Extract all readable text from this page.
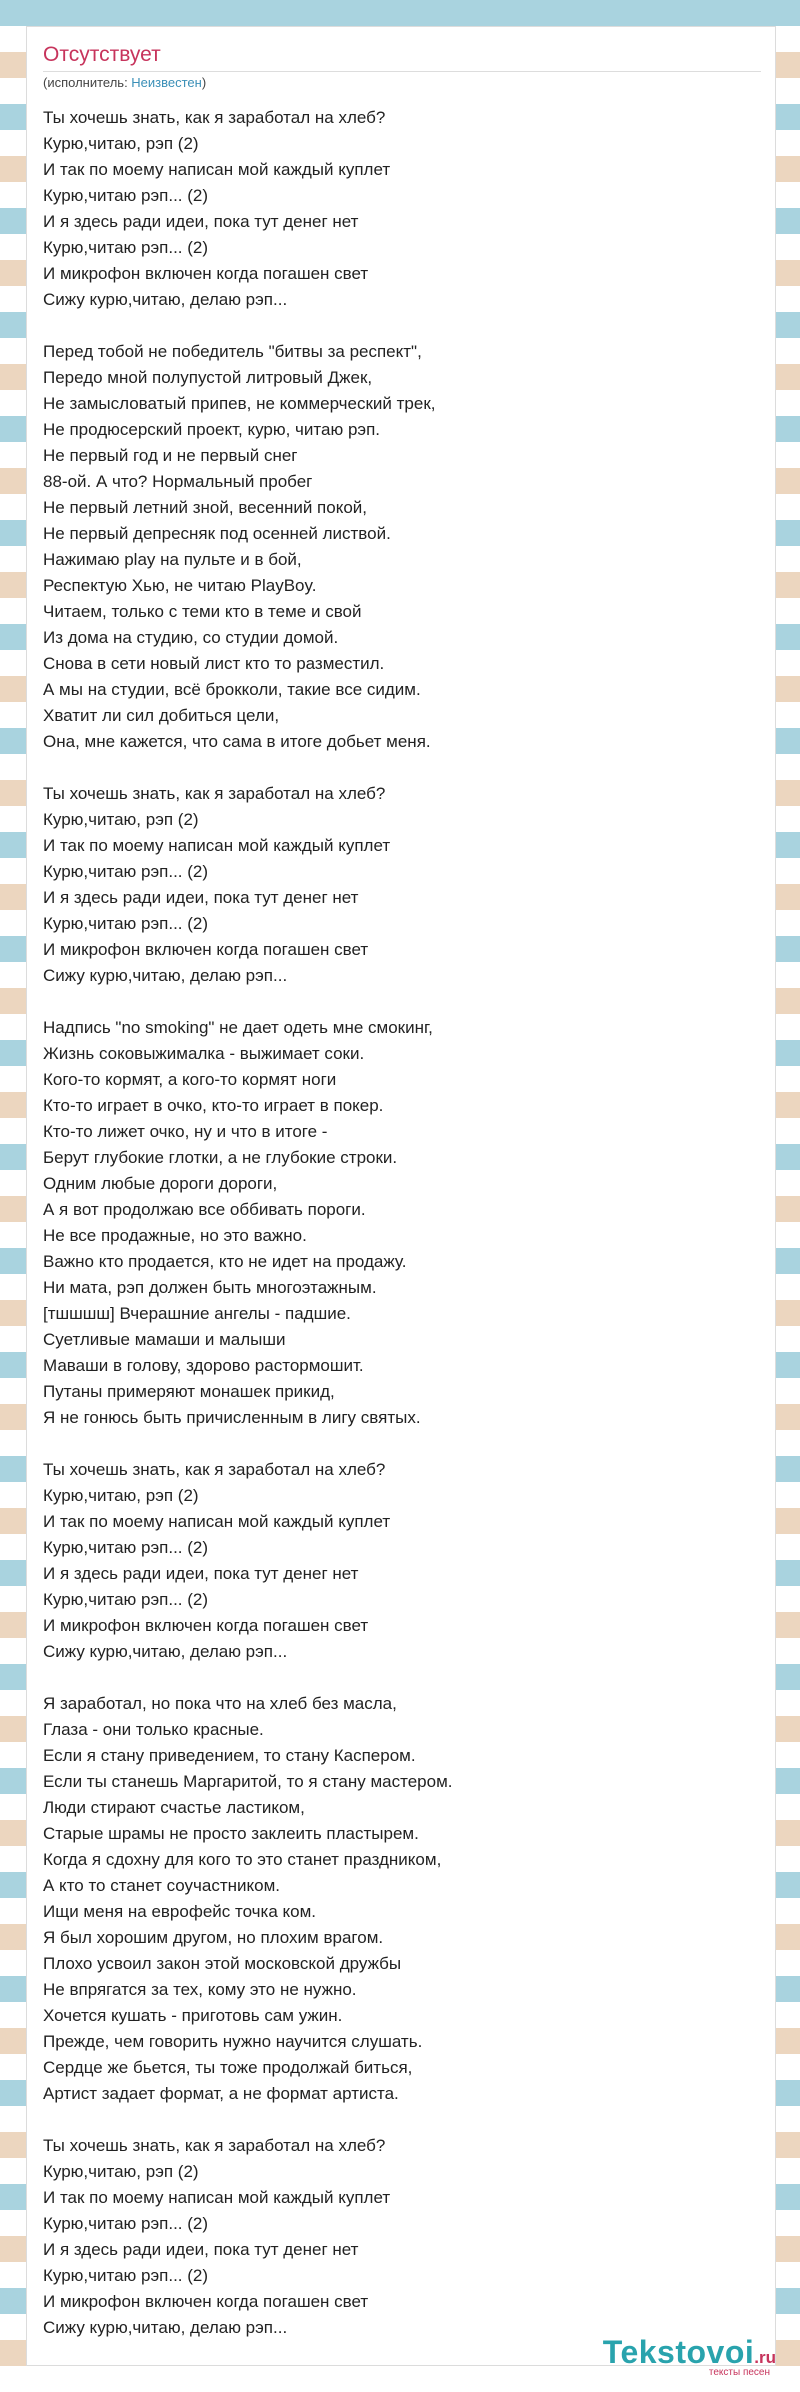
Отсутствует
(исполнитель: Неизвестен)
Ты хочешь знать, как я заработал на хлеб?
Курю,читаю, рэп (2)
И так по моему написан мой каждый куплет
Курю,читаю рэп... (2)
И я здесь ради идеи, пока тут денег нет
Курю,читаю рэп... (2)
И микрофон включен когда погашен свет
Сижу курю,читаю, делаю рэп...
Перед тобой не победитель "битвы за респект",
Передо мной полупустой литровый Джек,
Не замысловатый припев, не коммерческий трек,
Не продюсерский проект, курю, читаю рэп.
Не первый год и не первый снег
88-ой. А что? Нормальный пробег
Не первый летний зной, весенний покой,
Не первый депресняк под осенней листвой.
Нажимаю play на пульте и в бой,
Респектую Хью, не читаю PlayBoy.
Читаем, только с теми кто в теме и свой
Из дома на студию, со студии домой.
Снова в сети новый лист кто то разместил.
А мы на студии, всё брокколи, такие все сидим.
Хватит ли сил добиться цели,
Она, мне кажется, что сама в итоге добьет меня.
Ты хочешь знать, как я заработал на хлеб?
Курю,читаю, рэп (2)
И так по моему написан мой каждый куплет
Курю,читаю рэп... (2)
И я здесь ради идеи, пока тут денег нет
Курю,читаю рэп... (2)
И микрофон включен когда погашен свет
Сижу курю,читаю, делаю рэп...
Надпись "no smoking" не дает одеть мне смокинг,
Жизнь соковыжималка - выжимает соки.
Кого-то кормят, а кого-то кормят ноги
Кто-то играет в очко, кто-то играет в покер.
Кто-то лижет очко, ну и что в итоге -
Берут глубокие глотки, а не глубокие строки.
Одним любые дороги дороги,
А я вот продолжаю все оббивать пороги.
Не все продажные, но это важно.
Важно кто продается, кто не идет на продажу.
Ни мата, рэп должен быть многоэтажным.
[тшшшш] Вчерашние ангелы - падшие.
Суетливые мамаши и малыши
Маваши в голову, здорово растормошит.
Путаны примеряют монашек прикид,
Я не гонюсь быть причисленным в лигу святых.
Ты хочешь знать, как я заработал на хлеб?
Курю,читаю, рэп (2)
И так по моему написан мой каждый куплет
Курю,читаю рэп... (2)
И я здесь ради идеи, пока тут денег нет
Курю,читаю рэп... (2)
И микрофон включен когда погашен свет
Сижу курю,читаю, делаю рэп...
Я заработал, но пока что на хлеб без масла,
Глаза - они только красные.
Если я стану приведением, то стану Каспером.
Если ты станешь Маргаритой, то я стану мастером.
Люди стирают счастье ластиком,
Старые шрамы не просто заклеить пластырем.
Когда я сдохну для кого то это станет праздником,
А кто то станет соучастником.
Ищи меня на еврофейс точка ком.
Я был хорошим другом, но плохим врагом.
Плохо усвоил закон этой московской дружбы
Не впрягатся за тех, кому это не нужно.
Хочется кушать - приготовь сам ужин.
Прежде, чем говорить нужно научится слушать.
Сердце же бьется, ты тоже продолжай биться,
Артист задает формат, а не формат артиста.
Ты хочешь знать, как я заработал на хлеб?
Курю,читаю, рэп (2)
И так по моему написан мой каждый куплет
Курю,читаю рэп... (2)
И я здесь ради идеи, пока тут денег нет
Курю,читаю рэп... (2)
И микрофон включен когда погашен свет
Сижу курю,читаю, делаю рэп...
Tekstovoi.ru
тексты песен
